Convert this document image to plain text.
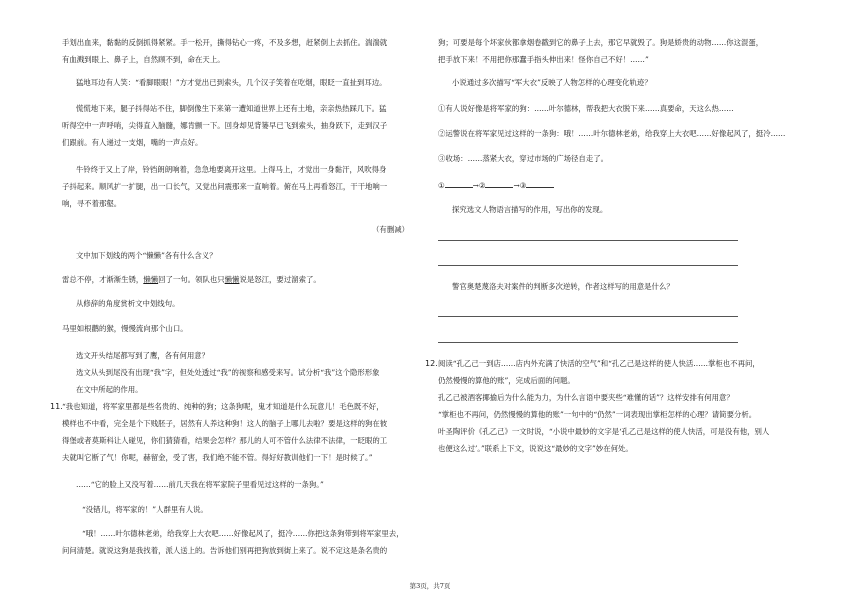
手划出血来，黏黏的反倒抓得紧紧。手一松开，撕得钻心一疼，不及多想，赶紧倒上去抓住。湍湍就
有血溅到眼上、鼻子上，自然顾不到，命在天上。
猛地耳边有人笑：“看脚眼眼！”方才觉出已到索头，几个汉子笑着在吃烟，眼眨一直扯到耳边。
慌慌地下来，腿子抖得站不住，脚倒像生下来第一遭知道世界上还有土地，亲亲热热踩几下。猛
听得空中一声呼哨，尖得直入脑髓，娜肯颤一下。回身却见背篓早已飞到索头，抽身跃下，走到汉子
们跟前。有人递过一支烟，嘴的一声点好。
牛铃终于又上了岸，铃铛朗朗响着，急急地要离开这里。上得马上，才觉出一身黏汗，风吹得身
子抖起来。顺风扩一扩腿，出一口长气，又觉出问震那来一直响着。俯在马上再看怒江，干干地响一
响，寻不着那壑。
（有删减）
文中加下划线的两个“懒懒”各有什么含义？
雷总不停，才渐渐生锈，懒懒回了一句。领队也只懒懒说是怒江，要过溜索了。
从修辞的角度赏析文中划线句。
马里如根鹳的猴，慢慢流向那个山口。
选文开头结尾都写到了鹰，各有何用意？
选文从头到尾没有出现“我”字，但处处透过“我”的视察和感受来写。试分析“我”这个隐形形象
在文中所起的作用。
11.“我也知道，将军家里都是些名贵的、纯种的狗；这条狗呢，鬼才知道是什么玩意儿！毛色既不好，
模样也不中看，完全是个下贱胚子，居然有人养这种狗！这人的脑子上哪儿去啦？要是这样的狗在彼
得堡或者莫斯科让人碰见，你们猜猜看，结果会怎样？那儿的人可不管什么法律不法律，一眨眼的工
夫就叫它断了气！你呢，赫留金，受了害，我们绝不能不管。得好好教训他们一下！是时候了。”
……“它的脸上又没写着……前几天我在将军家院子里看见过这样的一条狗。”
“没错儿，将军家的！”人群里有人说。
“哦！……叶尔德林老弟，给我穿上大衣吧……好像起风了，挺冷……你把这条狗带到将军家里去，
问问清楚。就说这狗是我找着，派人送上的。告诉他们别再把狗放到街上来了。说不定这是条名贵的
狗；可要是每个坏家伙都拿烟卷戳到它的鼻子上去，那它早就毁了。狗是娇贵的动物……你这混蛋，
把手放下来！不用把你那蠢手指头伸出来！怪你自己不好！……”
小说通过多次描写“军大衣”反映了人物怎样的心理变化轨迹？
①有人说好像是将军家的狗：……叶尔德林，帮我把大衣脱下来……真要命，天这么热……
②运警说在将军家见过这样的一条狗：哦！……叶尔德林老弟，给我穿上大衣吧……好像起风了，挺冷……
③收场：……蒸紧大衣，穿过市场的广场径自走了。
①	→②	→③
探究选文人物语言描写的作用，写出你的发现。
警官奥楚蔑洛夫对案件的判断多次逆转，作者这样写的用意是什么？
12.阅读“孔乙己一到店……店内外充满了快活的空气”和“孔乙己是这样的使人快活……掌柜也不再问，
仍然慢慢的算他的账”，完成后面的问题。
孔乙己被酒客揶揄后为什么能为力，为什么言语中要夹些“难懂的话”？这样安排有何用意？
“掌柜也不再问，仍然慢慢的算他的账”一句中的“仍然”一词表现出掌柜怎样的心理？请简要分析。
叶圣陶评价《孔乙己》一文时说，“小说中最妙的文字是‘孔乙己是这样的使人快活，可是没有他，别人
也便这么过’。”联系上下文，说说这“最妙的文字”妙在何处。
第3页，共7页
